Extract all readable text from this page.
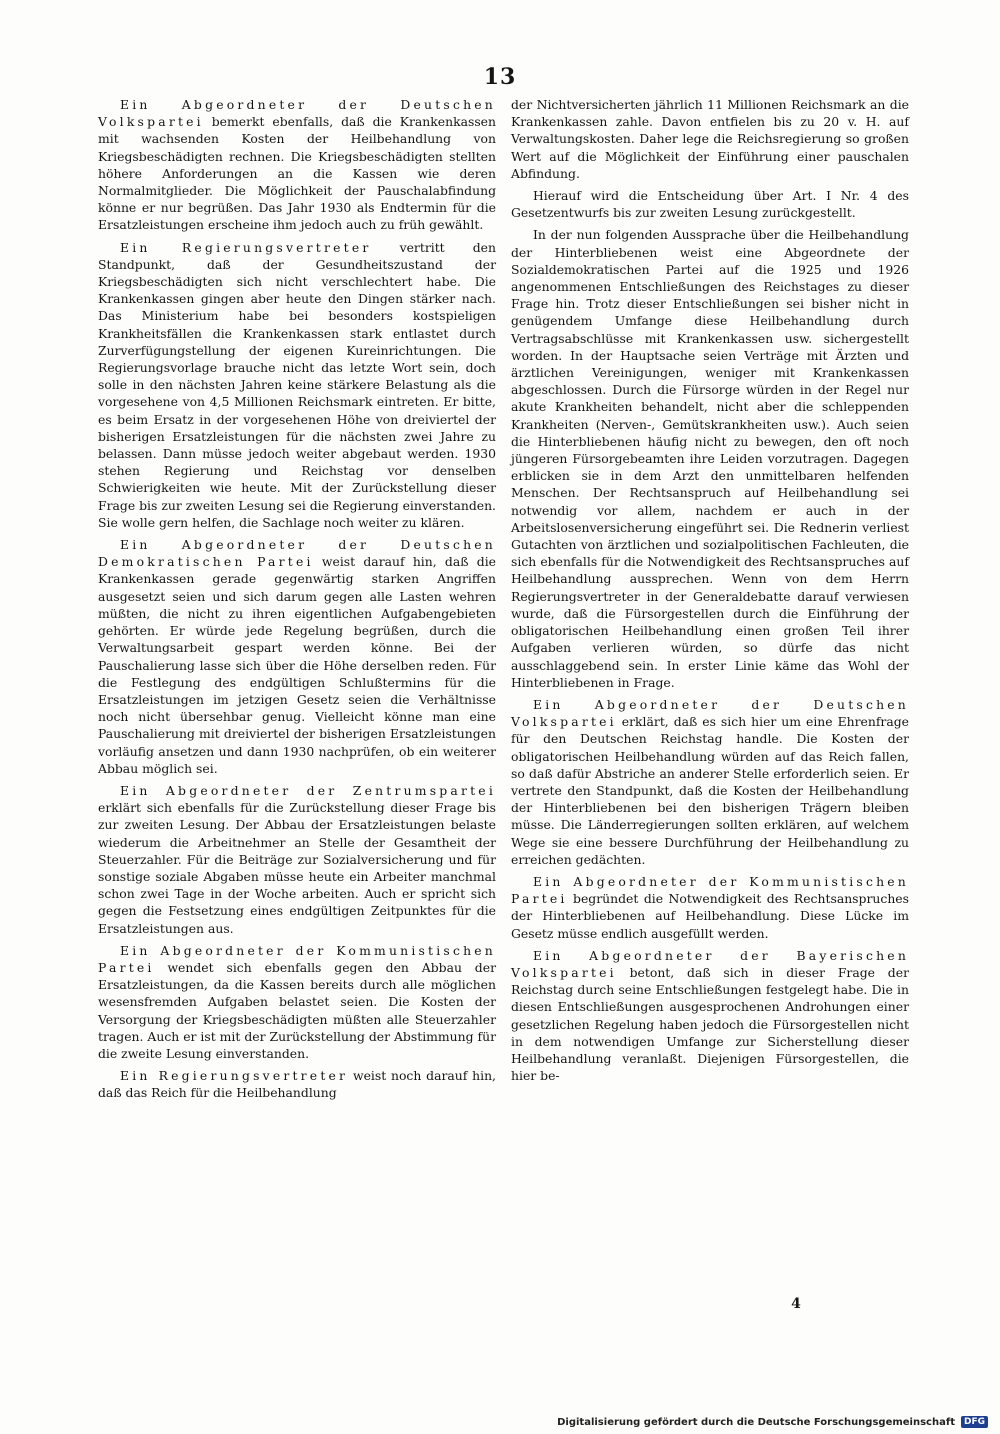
13

Ein Abgeordneter der Deutschen Volkspartei bemerkt ebenfalls, daß die Krankenkassen mit wachsenden Kosten der Heilbehandlung von Kriegsbeschädigten rechnen. Die Kriegsbeschädigten stellten höhere Anforderungen an die Kassen wie deren Normalmitglieder. Die Möglichkeit der Pauschalabfindung könne er nur begrüßen. Das Jahr 1930 als Endtermin für die Ersatzleistungen erscheine ihm jedoch auch zu früh gewählt.

Ein Regierungsvertreter vertritt den Standpunkt, daß der Gesundheitszustand der Kriegsbeschädigten sich nicht verschlechtert habe. Die Krankenkassen gingen aber heute den Dingen stärker nach. Das Ministerium habe bei besonders kostspieligen Krankheitsfällen die Krankenkassen stark entlastet durch Zurverfügungstellung der eigenen Kureinrichtungen. Die Regierungsvorlage brauche nicht das letzte Wort sein, doch solle in den nächsten Jahren keine stärkere Belastung als die vorgesehene von 4,5 Millionen Reichsmark eintreten. Er bitte, es beim Ersatz in der vorgesehenen Höhe von dreiviertel der bisherigen Ersatzleistungen für die nächsten zwei Jahre zu belassen. Dann müsse jedoch weiter abgebaut werden. 1930 stehen Regierung und Reichstag vor denselben Schwierigkeiten wie heute. Mit der Zurückstellung dieser Frage bis zur zweiten Lesung sei die Regierung einverstanden. Sie wolle gern helfen, die Sachlage noch weiter zu klären.

Ein Abgeordneter der Deutschen Demokratischen Partei weist darauf hin, daß die Krankenkassen gerade gegenwärtig starken Angriffen ausgesetzt seien und sich darum gegen alle Lasten wehren müßten, die nicht zu ihren eigentlichen Aufgabengebieten gehörten. Er würde jede Regelung begrüßen, durch die Verwaltungsarbeit gespart werden könne. Bei der Pauschalierung lasse sich über die Höhe derselben reden. Für die Festlegung des endgültigen Schlußtermins für die Ersatzleistungen im jetzigen Gesetz seien die Verhältnisse noch nicht übersehbar genug. Vielleicht könne man eine Pauschalierung mit dreiviertel der bisherigen Ersatzleistungen vorläufig ansetzen und dann 1930 nachprüfen, ob ein weiterer Abbau möglich sei.

Ein Abgeordneter der Zentrumspartei erklärt sich ebenfalls für die Zurückstellung dieser Frage bis zur zweiten Lesung. Der Abbau der Ersatzleistungen belaste wiederum die Arbeitnehmer an Stelle der Gesamtheit der Steuerzahler. Für die Beiträge zur Sozialversicherung und für sonstige soziale Abgaben müsse heute ein Arbeiter manchmal schon zwei Tage in der Woche arbeiten. Auch er spricht sich gegen die Festsetzung eines endgültigen Zeitpunktes für die Ersatzleistungen aus.

Ein Abgeordneter der Kommunistischen Partei wendet sich ebenfalls gegen den Abbau der Ersatzleistungen, da die Kassen bereits durch alle möglichen wesensfremden Aufgaben belastet seien. Die Kosten der Versorgung der Kriegsbeschädigten müßten alle Steuerzahler tragen. Auch er ist mit der Zurückstellung der Abstimmung für die zweite Lesung einverstanden.

Ein Regierungsvertreter weist noch darauf hin, daß das Reich für die Heilbehandlung

der Nichtversicherten jährlich 11 Millionen Reichsmark an die Krankenkassen zahle. Davon entfielen bis zu 20 v. H. auf Verwaltungskosten. Daher lege die Reichsregierung so großen Wert auf die Möglichkeit der Einführung einer pauschalen Abfindung.

Hierauf wird die Entscheidung über Art. I Nr. 4 des Gesetzentwurfs bis zur zweiten Lesung zurückgestellt.

In der nun folgenden Aussprache über die Heilbehandlung der Hinterbliebenen weist eine Abgeordnete der Sozialdemokratischen Partei auf die 1925 und 1926 angenommenen Entschließungen des Reichstages zu dieser Frage hin. Trotz dieser Entschließungen sei bisher nicht in genügendem Umfange diese Heilbehandlung durch Vertragsabschlüsse mit Krankenkassen usw. sichergestellt worden. In der Hauptsache seien Verträge mit Ärzten und ärztlichen Vereinigungen, weniger mit Krankenkassen abgeschlossen. Durch die Fürsorge würden in der Regel nur akute Krankheiten behandelt, nicht aber die schleppenden Krankheiten (Nerven-, Gemütskrankheiten usw.). Auch seien die Hinterbliebenen häufig nicht zu bewegen, den oft noch jüngeren Fürsorgebeamten ihre Leiden vorzutragen. Dagegen erblicken sie in dem Arzt den unmittelbaren helfenden Menschen. Der Rechtsanspruch auf Heilbehandlung sei notwendig vor allem, nachdem er auch in der Arbeitslosenversicherung eingeführt sei. Die Rednerin verliest Gutachten von ärztlichen und sozialpolitischen Fachleuten, die sich ebenfalls für die Notwendigkeit des Rechtsanspruches auf Heilbehandlung aussprechen. Wenn von dem Herrn Regierungsvertreter in der Generaldebatte darauf verwiesen wurde, daß die Fürsorgestellen durch die Einführung der obligatorischen Heilbehandlung einen großen Teil ihrer Aufgaben verlieren würden, so dürfe das nicht ausschlaggebend sein. In erster Linie käme das Wohl der Hinterbliebenen in Frage.

Ein Abgeordneter der Deutschen Volkspartei erklärt, daß es sich hier um eine Ehrenfrage für den Deutschen Reichstag handle. Die Kosten der obligatorischen Heilbehandlung würden auf das Reich fallen, so daß dafür Abstriche an anderer Stelle erforderlich seien. Er vertrete den Standpunkt, daß die Kosten der Heilbehandlung der Hinterbliebenen bei den bisherigen Trägern bleiben müsse. Die Länderregierungen sollten erklären, auf welchem Wege sie eine bessere Durchführung der Heilbehandlung zu erreichen gedächten.

Ein Abgeordneter der Kommunistischen Partei begründet die Notwendigkeit des Rechtsanspruches der Hinterbliebenen auf Heilbehandlung. Diese Lücke im Gesetz müsse endlich ausgefüllt werden.

Ein Abgeordneter der Bayerischen Volkspartei betont, daß sich in dieser Frage der Reichstag durch seine Entschließungen festgelegt habe. Die in diesen Entschließungen ausgesprochenen Androhungen einer gesetzlichen Regelung haben jedoch die Fürsorgestellen nicht in dem notwendigen Umfange zur Sicherstellung dieser Heilbehandlung veranlaßt. Diejenigen Fürsorgestellen, die hier be-

4
Digitalisierung gefördert durch die Deutsche Forschungsgemeinschaft	DFG
